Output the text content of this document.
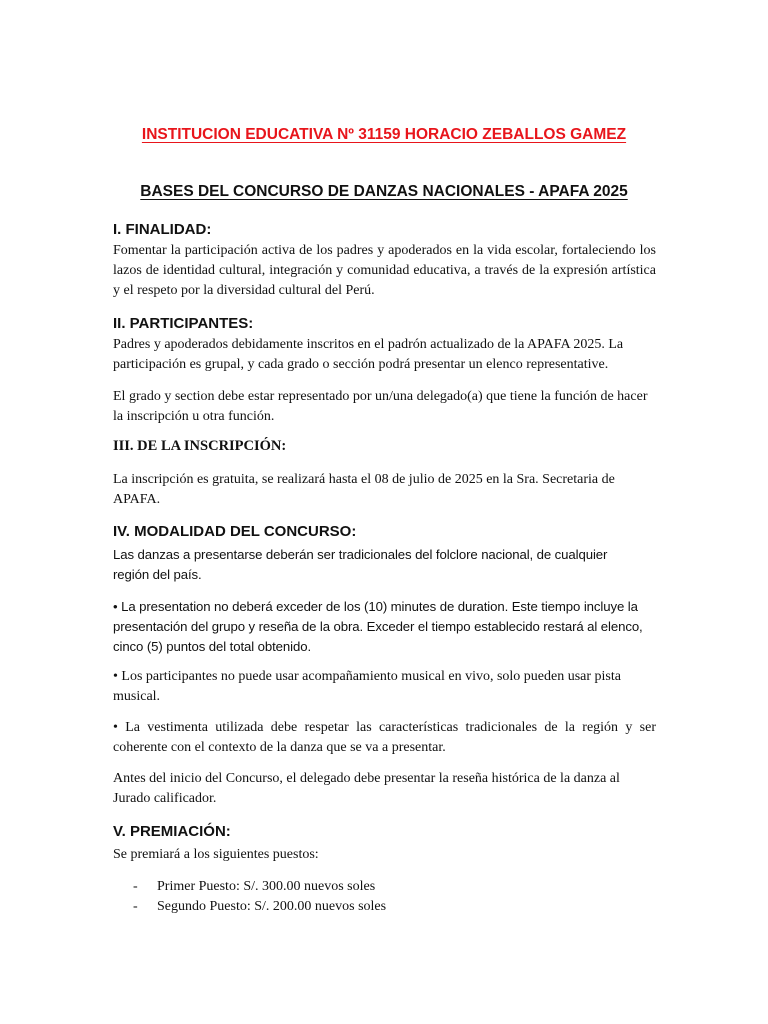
INSTITUCION EDUCATIVA Nº 31159 HORACIO ZEBALLOS GAMEZ
BASES DEL CONCURSO DE DANZAS NACIONALES - APAFA 2025
I. FINALIDAD:

Fomentar la participación activa de los padres y apoderados en la vida escolar, fortaleciendo los lazos de identidad cultural, integración y comunidad educativa, a través de la expresión artística y el respeto por la diversidad cultural del Perú.

II. PARTICIPANTES:

Padres y apoderados debidamente inscritos en el padrón actualizado de la APAFA 2025. La participación es grupal, y cada grado o sección podrá presentar un elenco representative.

El grado y section debe estar representado por un/una delegado(a) que tiene la función de hacer la inscripción u otra función.

III. DE LA INSCRIPCIÓN:

La inscripción es gratuita, se realizará hasta el 08 de julio de 2025 en la Sra. Secretaria de APAFA.

IV. MODALIDAD DEL CONCURSO:

Las danzas a presentarse deberán ser tradicionales del folclore nacional, de cualquier

región del país.

• La presentation no deberá exceder de los (10) minutes de duration. Este tiempo incluye la presentación del grupo y reseña de la obra. Exceder el tiempo establecido restará al elenco, cinco (5) puntos del total obtenido.

• Los participantes no puede usar acompañamiento musical en vivo, solo pueden usar pista musical.

• La vestimenta utilizada debe respetar las características tradicionales de la región y ser coherente con el contexto de la danza que se va a presentar.

Antes del inicio del Concurso, el delegado debe presentar la reseña histórica de la danza al Jurado calificador.

V. PREMIACIÓN:

Se premiará a los siguientes puestos:

- Primer Puesto: S/. 300.00 nuevos soles
- Segundo Puesto: S/. 200.00 nuevos soles
